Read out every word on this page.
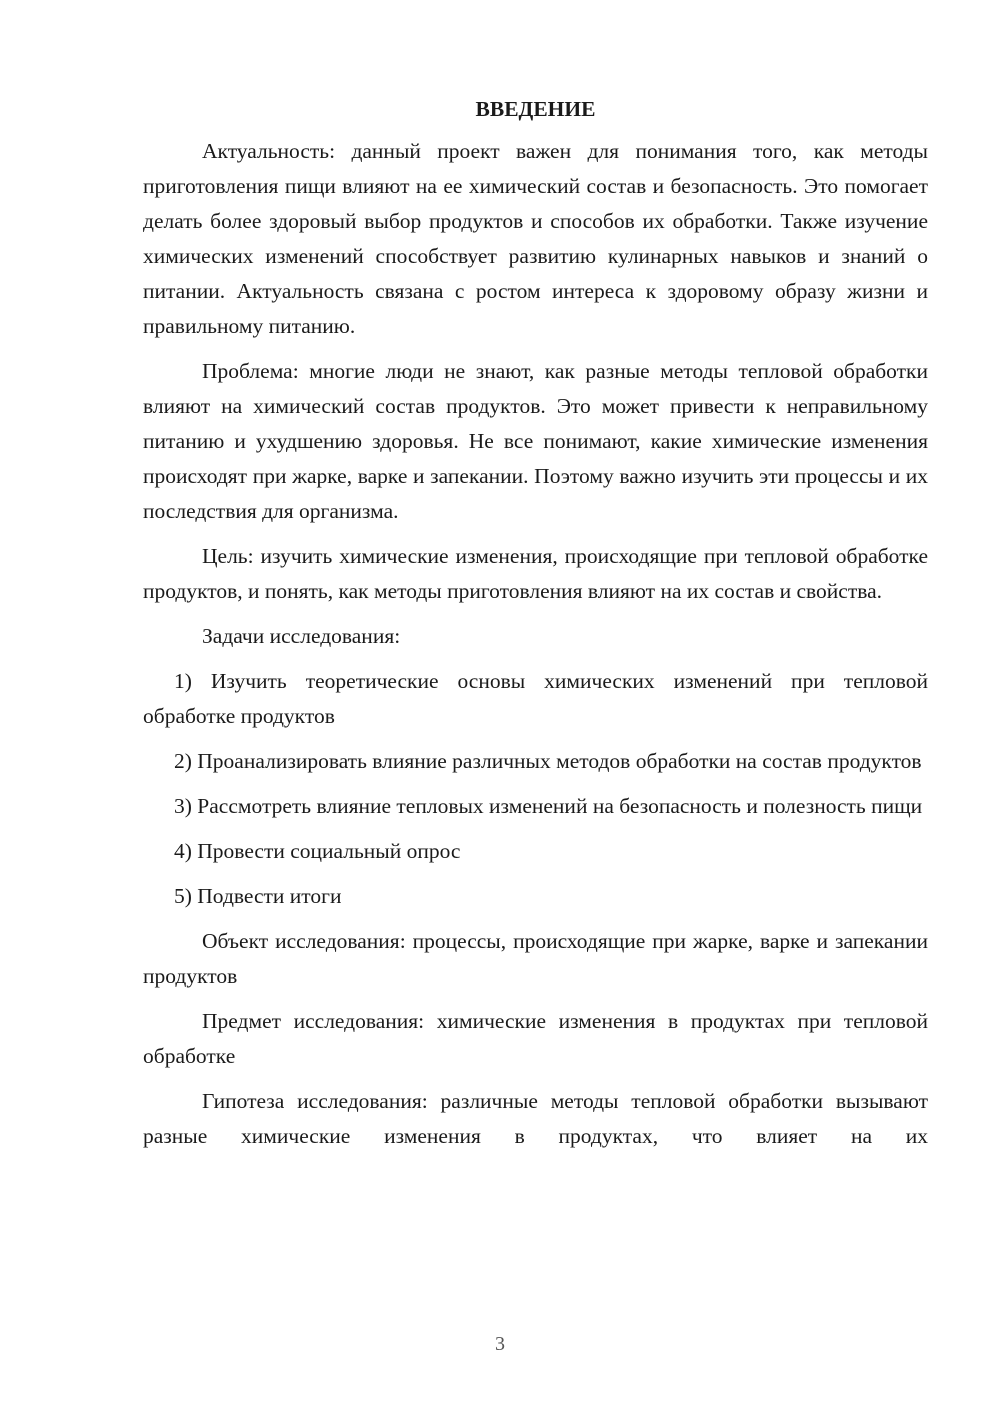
ВВЕДЕНИЕ

Актуальность: данный проект важен для понимания того, как методы приготовления пищи влияют на ее химический состав и безопасность. Это помогает делать более здоровый выбор продуктов и способов их обработки. Также изучение химических изменений способствует развитию кулинарных навыков и знаний о питании. Актуальность связана с ростом интереса к здоровому образу жизни и правильному питанию.

Проблема: многие люди не знают, как разные методы тепловой обработки влияют на химический состав продуктов. Это может привести к неправильному питанию и ухудшению здоровья. Не все понимают, какие химические изменения происходят при жарке, варке и запекании. Поэтому важно изучить эти процессы и их последствия для организма.

Цель: изучить химические изменения, происходящие при тепловой обработке продуктов, и понять, как методы приготовления влияют на их состав и свойства.

Задачи исследования:

1) Изучить теоретические основы химических изменений при тепловой обработке продуктов

2) Проанализировать влияние различных методов обработки на состав продуктов

3) Рассмотреть влияние тепловых изменений на безопасность и полезность пищи

4) Провести социальный опрос

5) Подвести итоги

Объект исследования: процессы, происходящие при жарке, варке и запекании продуктов

Предмет исследования: химические изменения в продуктах при тепловой обработке

Гипотеза исследования: различные методы тепловой обработки вызывают разные химические изменения в продуктах, что влияет на их

3
